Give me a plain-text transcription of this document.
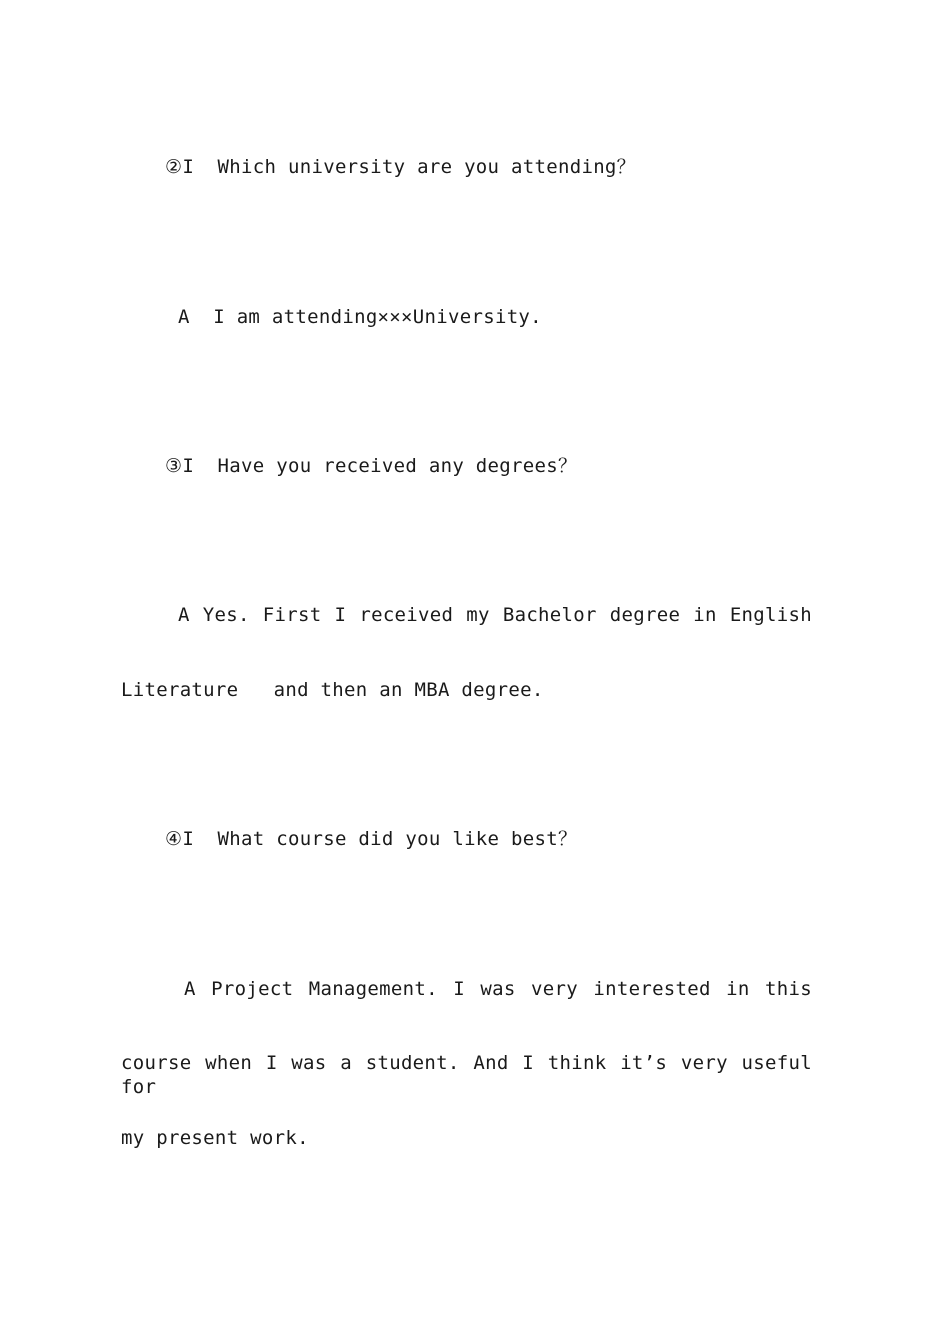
②I  Which university are you attending？
A  I am attending×××University.
③I  Have you received any degrees？
A Yes. First I received my Bachelor degree in English
Literature   and then an MBA degree.
④I  What course did you like best？
A Project Management. I was very interested in this
course when I was a student. And I think it’s very useful for
my present work.
